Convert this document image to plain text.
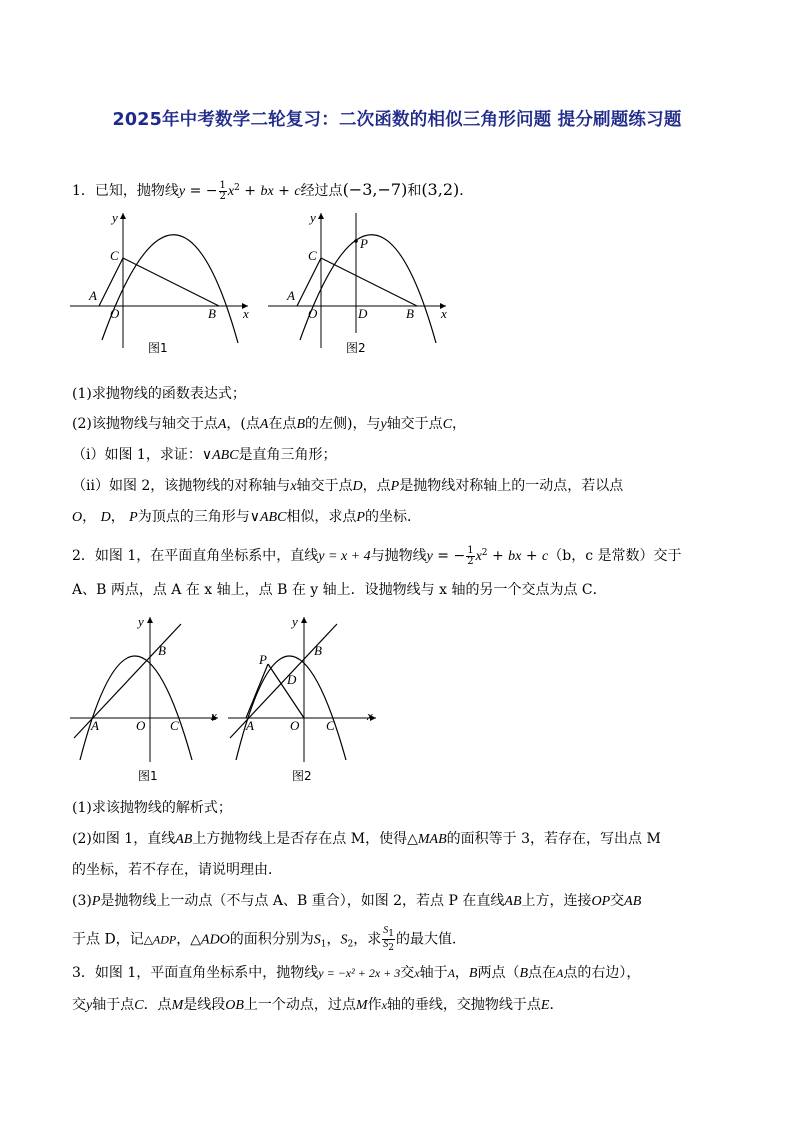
2025年中考数学二轮复习：二次函数的相似三角形问题 提分刷题练习题
1．已知，抛物线y = − $\frac{1}{2} x^2$ + bx + c经过点(−3,−7)和(3,2)．
x
y
C
A
O	B
图1
x
y
C
P
A
O	D	B
图2
(1)求抛物线的函数表达式；
(2)该抛物线与轴交于点A，(点A在点B的左侧)，与y轴交于点C，
（ⅰ）如图 1，求证：∨ABC是直角三角形；
（ⅱ）如图 2，该抛物线的对称轴与x轴交于点D，点P是抛物线对称轴上的一动点，若以点
O， D， P为顶点的三角形与∨ABC相似，求点P的坐标．
2．如图 1，在平面直角坐标系中，直线y = x + 4与抛物线y = − $\frac{1}{2} x^2$ + bx + c（b，c 是常数）交于
A、B 两点，点 A 在 x 轴上，点 B 在 y 轴上．设抛物线与 x 轴的另一个交点为点 C．
x
y
B
A	O C
图1
x
y
B
P
D
A	O C
图2
(1)求该抛物线的解析式；
(2)如图 1，直线AB上方抛物线上是否存在点 M，使得△MAB的面积等于 3，若存在，写出点 M
的坐标，若不存在，请说明理由．
(3)P是抛物线上一动点（不与点 A、B 重合），如图 2，若点 P 在直线AB上方，连接OP交AB
于点 D，记△ADP，△ADO的面积分别为$S_1$，$S_2$，求 $\frac{S_1}{S_2}$ 的最大值．
3．如图 1，平面直角坐标系中，抛物线y = −x² + 2x + 3交x轴于A，B两点（B点在A点的右边），
交y轴于点C．点M是线段OB上一个动点，过点M作x轴的垂线，交抛物线于点E．
